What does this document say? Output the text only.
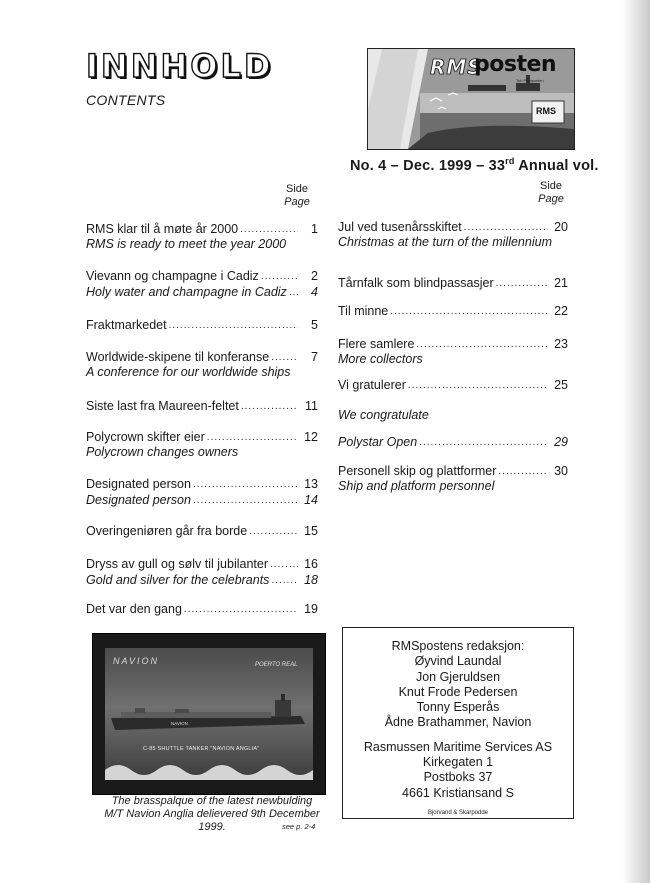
INNHOLD
CONTENTS
RMS
posten
Toh Postposten
RMS
No. 4 – Dec. 1999 – 33rd Annual vol.
Side
Page
Side
Page
RMS klar til å møte år 2000 .....	1
RMS is ready to meet the year 2000
Vievann og champagne i Cadiz .....	2
Holy water and champagne in Cadiz .....	4
Fraktmarkedet .....	5
Worldwide-skipene til konferanse .....	7
A conference for our worldwide ships
Siste last fra Maureen-feltet .....	11
Polycrown skifter eier .....	12
Polycrown changes owners
Designated person .....	13
Designated person .....	14
Overingeniøren går fra borde .....	15
Dryss av gull og sølv til jubilanter .....	16
Gold and silver for the celebrants .....	18
Det var den gang .....	19
Jul ved tusenårsskiftet .....	20
Christmas at the turn of the millennium
Tårnfalk som blindpassasjer .....	21
Til minne .....	22
Flere samlere .....	23
More collectors
Vi gratulerer .....	25
We congratulate
Polystar Open .....	29
Personell skip og plattformer .....	30
Ship and platform personnel
NAVION	POERTO REAL
NAVION
C-85 SHUTTLE TANKER "NAVION ANGLIA"
The brasspalque of the latest newbulding
M/T Navion Anglia delievered 9th December 1999.	see p. 2-4
RMSpostens redaksjon:
Øyvind Laundal
Jon Gjeruldsen
Knut Frode Pedersen
Tonny Esperås
Ådne Brathammer, Navion
Rasmussen Maritime Services AS
Kirkegaten 1
Postboks 37
4661 Kristiansand S
Bjorvand & Skarpodde
